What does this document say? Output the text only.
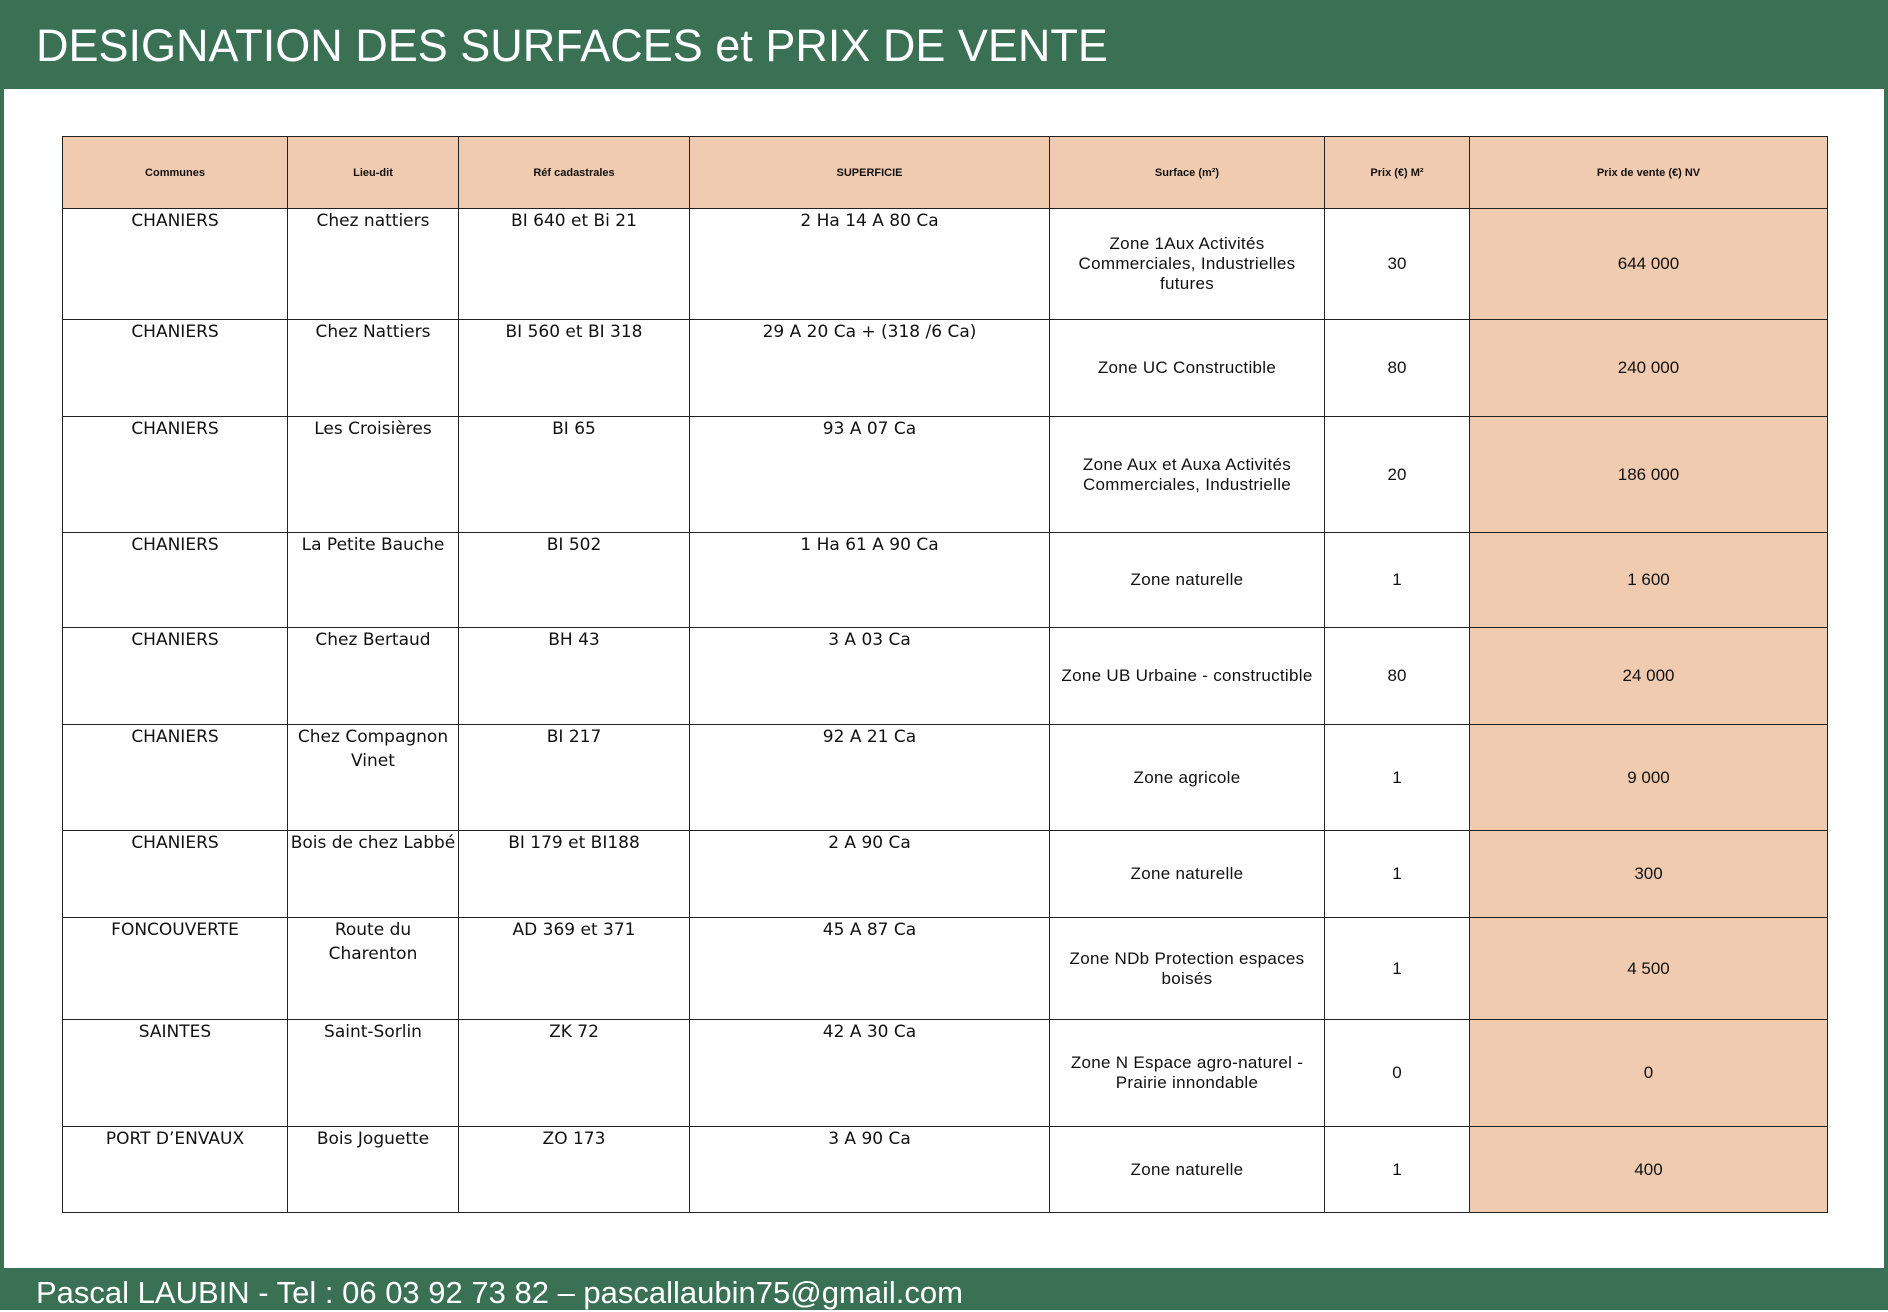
DESIGNATION DES SURFACES et PRIX DE VENTE
Communes	Lieu-dit	Réf cadastrales	SUPERFICIE	Surface (m²)	Prix (€) M²	Prix de vente (€) NV
CHANIERS	Chez nattiers	BI 640 et Bi 21	2 Ha 14 A 80 Ca	Zone 1Aux Activités Commerciales, Industrielles futures	30	644 000
CHANIERS	Chez Nattiers	BI 560 et BI 318	29 A 20 Ca + (318 /6 Ca)	Zone UC Constructible	80	240 000
CHANIERS	Les Croisières	BI 65	93 A 07 Ca	Zone Aux et Auxa Activités Commerciales, Industrielle	20	186 000
CHANIERS	La Petite Bauche	BI 502	1 Ha 61 A 90 Ca	Zone naturelle	1	1 600
CHANIERS	Chez Bertaud	BH 43	3 A 03 Ca	Zone UB Urbaine - constructible	80	24 000
CHANIERS	Chez Compagnon Vinet	BI 217	92 A 21 Ca	Zone agricole	1	9 000
CHANIERS	Bois de chez Labbé	BI 179 et BI188	2 A 90 Ca	Zone naturelle	1	300
FONCOUVERTE	Route du Charenton	AD 369 et 371	45 A 87 Ca	Zone NDb Protection espaces boisés	1	4 500
SAINTES	Saint-Sorlin	ZK 72	42 A 30 Ca	Zone N Espace agro-naturel - Prairie innondable	0	0
PORT D’ENVAUX	Bois Joguette	ZO 173	3 A 90 Ca	Zone naturelle	1	400
Pascal LAUBIN - Tel : 06 03 92 73 82 – pascallaubin75@gmail.com
